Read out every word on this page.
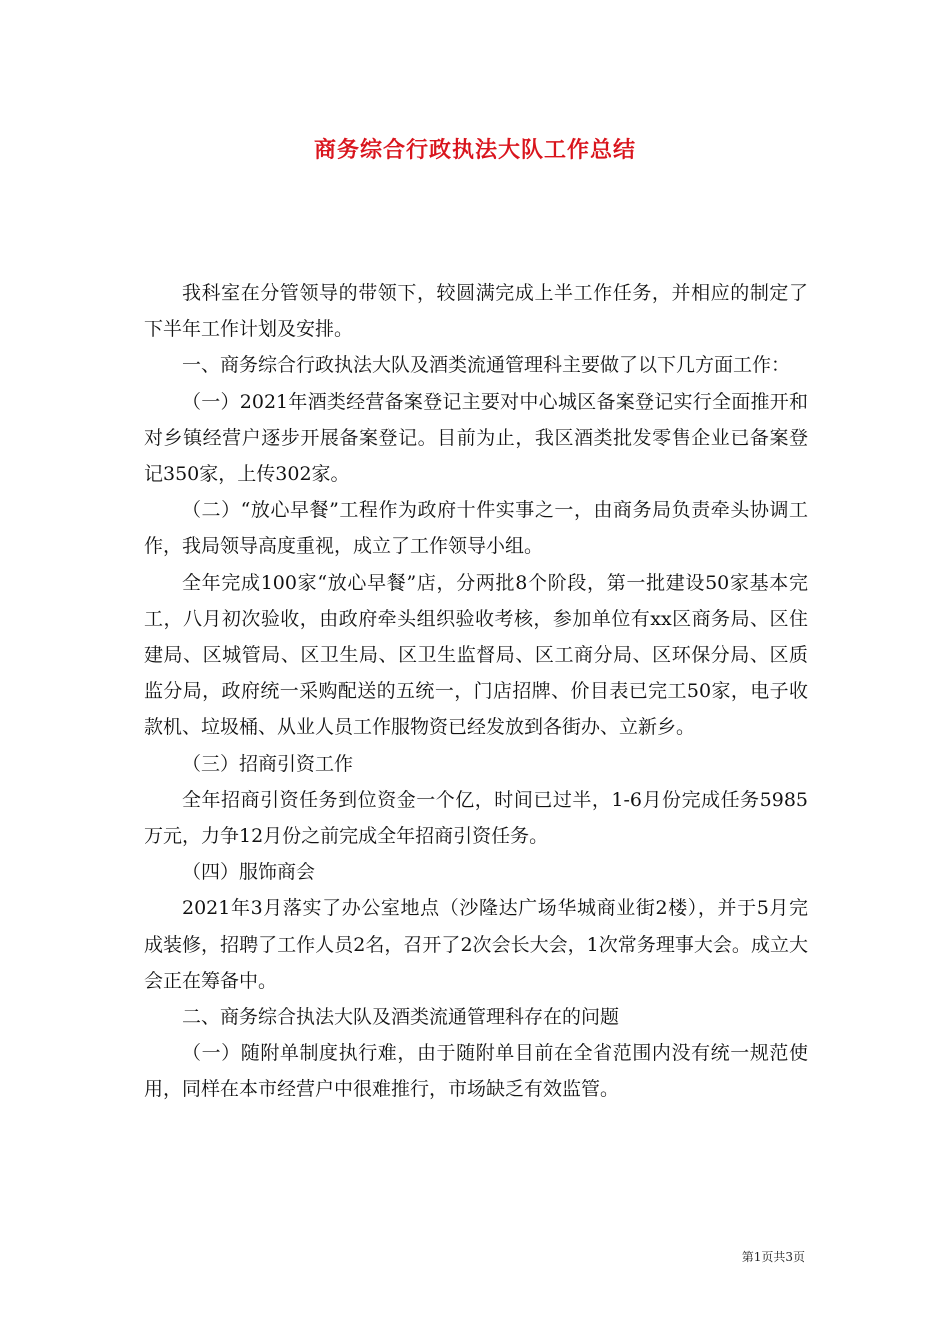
商务综合行政执法大队工作总结

我科室在分管领导的带领下，较圆满完成上半工作任务，并相应的制定了下半年工作计划及安排。

一、商务综合行政执法大队及酒类流通管理科主要做了以下几方面工作：

（一）2021年酒类经营备案登记主要对中心城区备案登记实行全面推开和对乡镇经营户逐步开展备案登记。目前为止，我区酒类批发零售企业已备案登记350家，上传302家。

（二）“放心早餐”工程作为政府十件实事之一，由商务局负责牵头协调工作，我局领导高度重视，成立了工作领导小组。

全年完成100家“放心早餐”店，分两批8个阶段，第一批建设50家基本完工，八月初次验收，由政府牵头组织验收考核，参加单位有xx区商务局、区住建局、区城管局、区卫生局、区卫生监督局、区工商分局、区环保分局、区质监分局，政府统一采购配送的五统一，门店招牌、价目表已完工50家，电子收款机、垃圾桶、从业人员工作服物资已经发放到各街办、立新乡。

（三）招商引资工作

全年招商引资任务到位资金一个亿，时间已过半，1-6月份完成任务5985万元，力争12月份之前完成全年招商引资任务。

（四）服饰商会

2021年3月落实了办公室地点（沙隆达广场华城商业街2楼），并于5月完成装修，招聘了工作人员2名，召开了2次会长大会，1次常务理事大会。成立大会正在筹备中。

二、商务综合执法大队及酒类流通管理科存在的问题

（一）随附单制度执行难，由于随附单目前在全省范围内没有统一规范使用，同样在本市经营户中很难推行，市场缺乏有效监管。

第1页共3页
